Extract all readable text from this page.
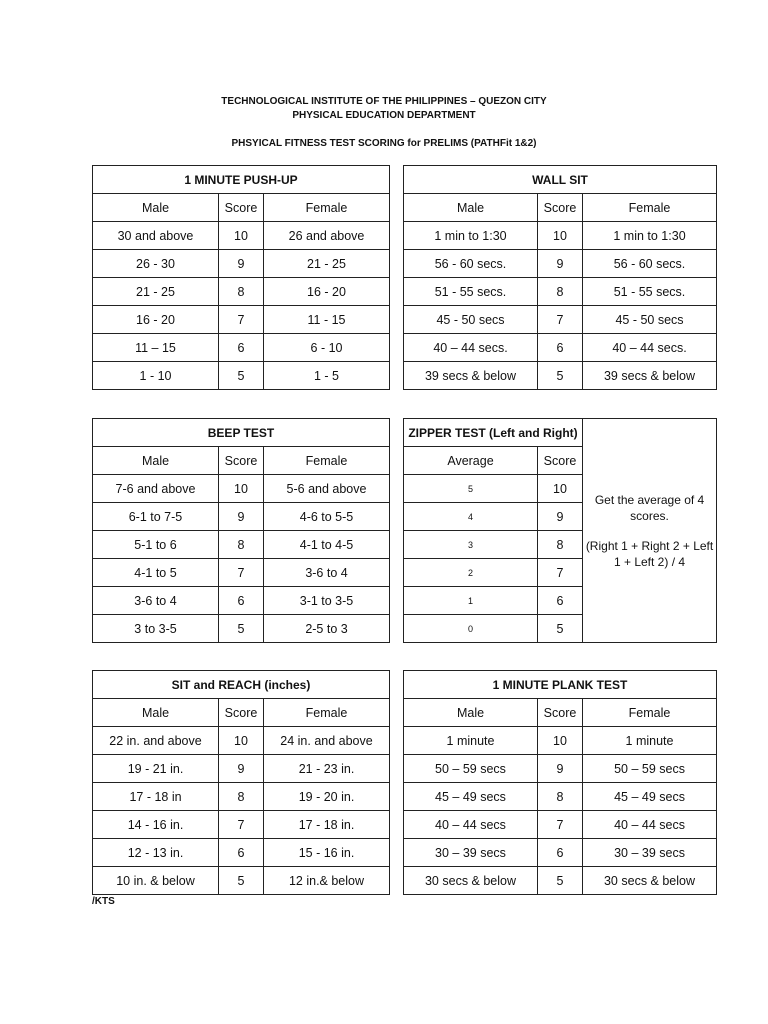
TECHNOLOGICAL INSTITUTE OF THE PHILIPPINES – QUEZON CITY
PHYSICAL EDUCATION DEPARTMENT
PHSYICAL FITNESS TEST SCORING for PRELIMS (PATHFit 1&2)
1 MINUTE PUSH-UP		
Male	Score	Female
30 and above	10	26 and above
26 - 30	9	21 - 25
21 - 25	8	16 - 20
16 - 20	7	11 - 15
11 – 15	6	6 - 10
1 - 10	5	1 - 5
WALL SIT		
Male	Score	Female
1 min to 1:30	10	1 min to 1:30
56 - 60 secs.	9	56 - 60 secs.
51 - 55 secs.	8	51 - 55 secs.
45 - 50 secs	7	45 - 50 secs
40 – 44 secs.	6	40 – 44 secs.
39 secs & below	5	39 secs & below
BEEP TEST		
Male	Score	Female
7-6 and above	10	5-6 and above
6-1 to 7-5	9	4-6 to 5-5
5-1 to 6	8	4-1 to 4-5
4-1 to 5	7	3-6 to 4
3-6 to 4	6	3-1 to 3-5
3 to 3-5	5	2-5 to 3
ZIPPER TEST (Left and Right)		Get the average of 4 scores.
(Right 1 + Right 2 + Left 1 + Left 2) / 4
Average	Score	
5	10	
4	9	
3	8	
2	7	
1	6	
0	5	
SIT and REACH (inches)		
Male	Score	Female
22 in. and above	10	24 in. and above
19 - 21 in.	9	21 - 23 in.
17 - 18 in	8	19 - 20 in.
14 - 16 in.	7	17 - 18 in.
12 - 13 in.	6	15 - 16 in.
10 in. & below	5	12 in.& below
1 MINUTE PLANK TEST		
Male	Score	Female
1 minute	10	1 minute
50 – 59 secs	9	50 – 59 secs
45 – 49 secs	8	45 – 49 secs
40 – 44 secs	7	40 – 44 secs
30 – 39 secs	6	30 – 39 secs
30 secs & below	5	30 secs & below
/KTS
